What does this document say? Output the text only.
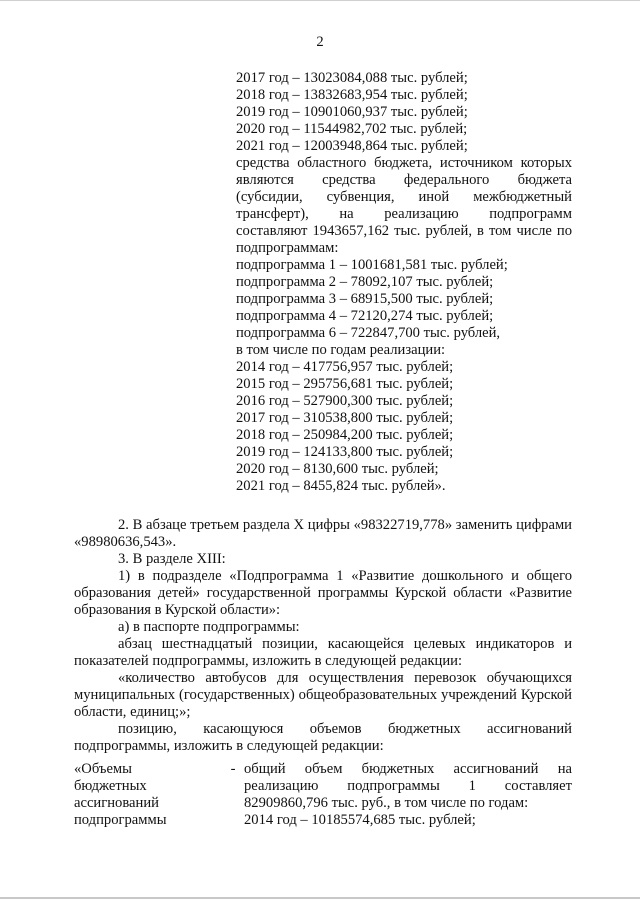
2
2017 год – 13023084,088 тыс. рублей;
2018 год – 13832683,954 тыс. рублей;
2019 год – 10901060,937 тыс. рублей;
2020 год – 11544982,702 тыс. рублей;
2021 год – 12003948,864 тыс. рублей;
средства областного бюджета, источником которых
являются средства федерального бюджета
(субсидии, субвенция, иной межбюджетный
трансферт), на реализацию подпрограмм
составляют 1943657,162 тыс. рублей, в том числе по
подпрограммам:
подпрограмма 1 – 1001681,581 тыс. рублей;
подпрограмма 2 – 78092,107 тыс. рублей;
подпрограмма 3 – 68915,500 тыс. рублей;
подпрограмма 4 – 72120,274 тыс. рублей;
подпрограмма 6 – 722847,700 тыс. рублей,
в том числе по годам реализации:
2014 год – 417756,957 тыс. рублей;
2015 год – 295756,681 тыс. рублей;
2016 год – 527900,300 тыс. рублей;
2017 год – 310538,800 тыс. рублей;
2018 год – 250984,200 тыс. рублей;
2019 год – 124133,800 тыс. рублей;
2020 год – 8130,600 тыс. рублей;
2021 год – 8455,824 тыс. рублей».

2. В абзаце третьем раздела X цифры «98322719,778» заменить цифрами «98980636,543».

3. В разделе XIII:

1) в подразделе «Подпрограмма 1 «Развитие дошкольного и общего образования детей» государственной программы Курской области «Развитие образования в Курской области»:

а) в паспорте подпрограммы:

абзац шестнадцатый позиции, касающейся целевых индикаторов и показателей подпрограммы, изложить в следующей редакции:

«количество автобусов для осуществления перевозок обучающихся муниципальных (государственных) общеобразовательных учреждений Курской области, единиц;»;

позицию, касающуюся объемов бюджетных ассигнований подпрограммы, изложить в следующей редакции:

«Объемы	- общий объем бюджетных ассигнований на
бюджетных	реализацию подпрограммы 1 составляет
ассигнований	82909860,796 тыс. руб., в том числе по годам:
подпрограммы	2014 год – 10185574,685 тыс. рублей;
